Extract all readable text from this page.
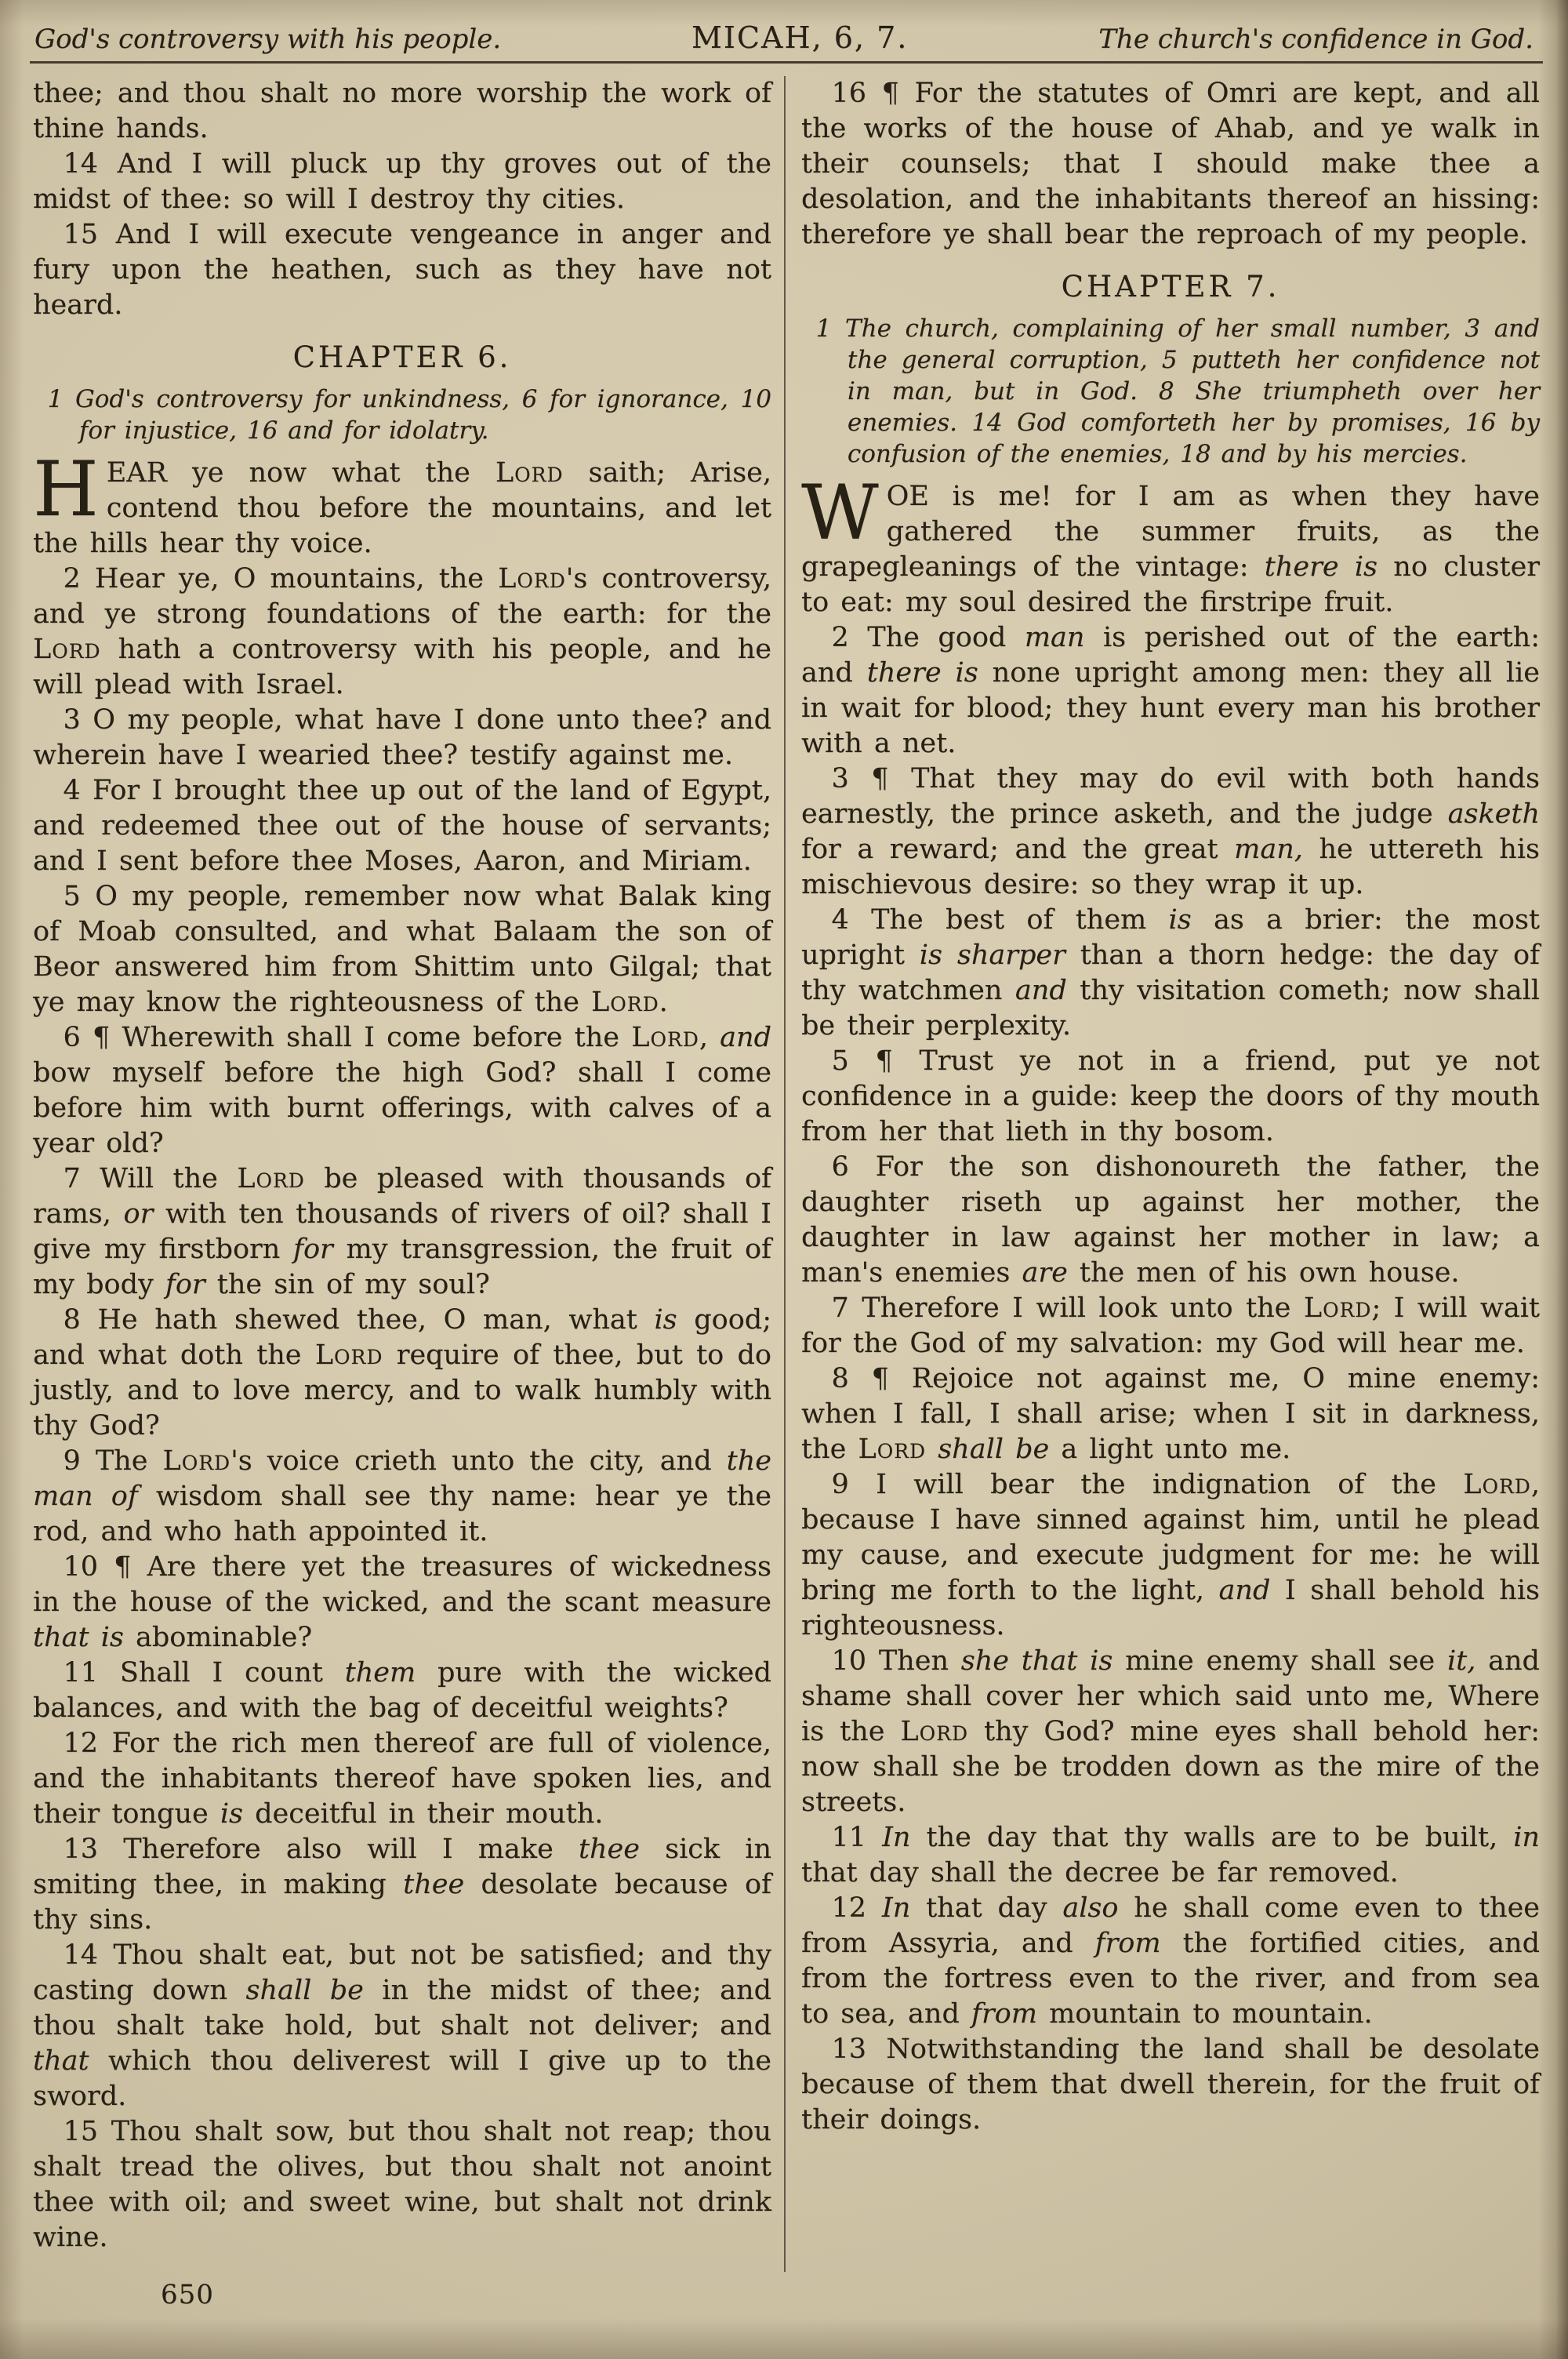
God's controversy with his people.	MICAH, 6, 7.	The church's confidence in God.

thee; and thou shalt no more worship the work of thine hands.

14 And I will pluck up thy groves out of the midst of thee: so will I destroy thy cities.

15 And I will execute vengeance in anger and fury upon the heathen, such as they have not heard.

CHAPTER 6.

1 God's controversy for unkindness, 6 for ignorance, 10 for injustice, 16 and for idolatry.

HEAR ye now what the Lord saith; Arise, contend thou before the mountains, and let the hills hear thy voice.

2 Hear ye, O mountains, the Lord's controversy, and ye strong foundations of the earth: for the Lord hath a controversy with his people, and he will plead with Israel.

3 O my people, what have I done unto thee? and wherein have I wearied thee? testify against me.

4 For I brought thee up out of the land of Egypt, and redeemed thee out of the house of servants; and I sent before thee Moses, Aaron, and Miriam.

5 O my people, remember now what Balak king of Moab consulted, and what Balaam the son of Beor answered him from Shittim unto Gilgal; that ye may know the righteousness of the Lord.

6 ¶ Wherewith shall I come before the Lord, and bow myself before the high God? shall I come before him with burnt offerings, with calves of a year old?

7 Will the Lord be pleased with thousands of rams, or with ten thousands of rivers of oil? shall I give my firstborn for my transgression, the fruit of my body for the sin of my soul?

8 He hath shewed thee, O man, what is good; and what doth the Lord require of thee, but to do justly, and to love mercy, and to walk humbly with thy God?

9 The Lord's voice crieth unto the city, and the man of wisdom shall see thy name: hear ye the rod, and who hath appointed it.

10 ¶ Are there yet the treasures of wickedness in the house of the wicked, and the scant measure that is abominable?

11 Shall I count them pure with the wicked balances, and with the bag of deceitful weights?

12 For the rich men thereof are full of violence, and the inhabitants thereof have spoken lies, and their tongue is deceitful in their mouth.

13 Therefore also will I make thee sick in smiting thee, in making thee desolate because of thy sins.

14 Thou shalt eat, but not be satisfied; and thy casting down shall be in the midst of thee; and thou shalt take hold, but shalt not deliver; and that which thou deliverest will I give up to the sword.

15 Thou shalt sow, but thou shalt not reap; thou shalt tread the olives, but thou shalt not anoint thee with oil; and sweet wine, but shalt not drink wine.

16 ¶ For the statutes of Omri are kept, and all the works of the house of Ahab, and ye walk in their counsels; that I should make thee a desolation, and the inhabitants thereof an hissing: therefore ye shall bear the reproach of my people.

CHAPTER 7.

1 The church, complaining of her small number, 3 and the general corruption, 5 putteth her confidence not in man, but in God. 8 She triumpheth over her enemies. 14 God comforteth her by promises, 16 by confusion of the enemies, 18 and by his mercies.

WOE is me! for I am as when they have gathered the summer fruits, as the grapegleanings of the vintage: there is no cluster to eat: my soul desired the firstripe fruit.

2 The good man is perished out of the earth: and there is none upright among men: they all lie in wait for blood; they hunt every man his brother with a net.

3 ¶ That they may do evil with both hands earnestly, the prince asketh, and the judge asketh for a reward; and the great man, he uttereth his mischievous desire: so they wrap it up.

4 The best of them is as a brier: the most upright is sharper than a thorn hedge: the day of thy watchmen and thy visitation cometh; now shall be their perplexity.

5 ¶ Trust ye not in a friend, put ye not confidence in a guide: keep the doors of thy mouth from her that lieth in thy bosom.

6 For the son dishonoureth the father, the daughter riseth up against her mother, the daughter in law against her mother in law; a man's enemies are the men of his own house.

7 Therefore I will look unto the Lord; I will wait for the God of my salvation: my God will hear me.

8 ¶ Rejoice not against me, O mine enemy: when I fall, I shall arise; when I sit in darkness, the Lord shall be a light unto me.

9 I will bear the indignation of the Lord, because I have sinned against him, until he plead my cause, and execute judgment for me: he will bring me forth to the light, and I shall behold his righteousness.

10 Then she that is mine enemy shall see it, and shame shall cover her which said unto me, Where is the Lord thy God? mine eyes shall behold her: now shall she be trodden down as the mire of the streets.

11 In the day that thy walls are to be built, in that day shall the decree be far removed.

12 In that day also he shall come even to thee from Assyria, and from the fortified cities, and from the fortress even to the river, and from sea to sea, and from mountain to mountain.

13 Notwithstanding the land shall be desolate because of them that dwell therein, for the fruit of their doings.

650
